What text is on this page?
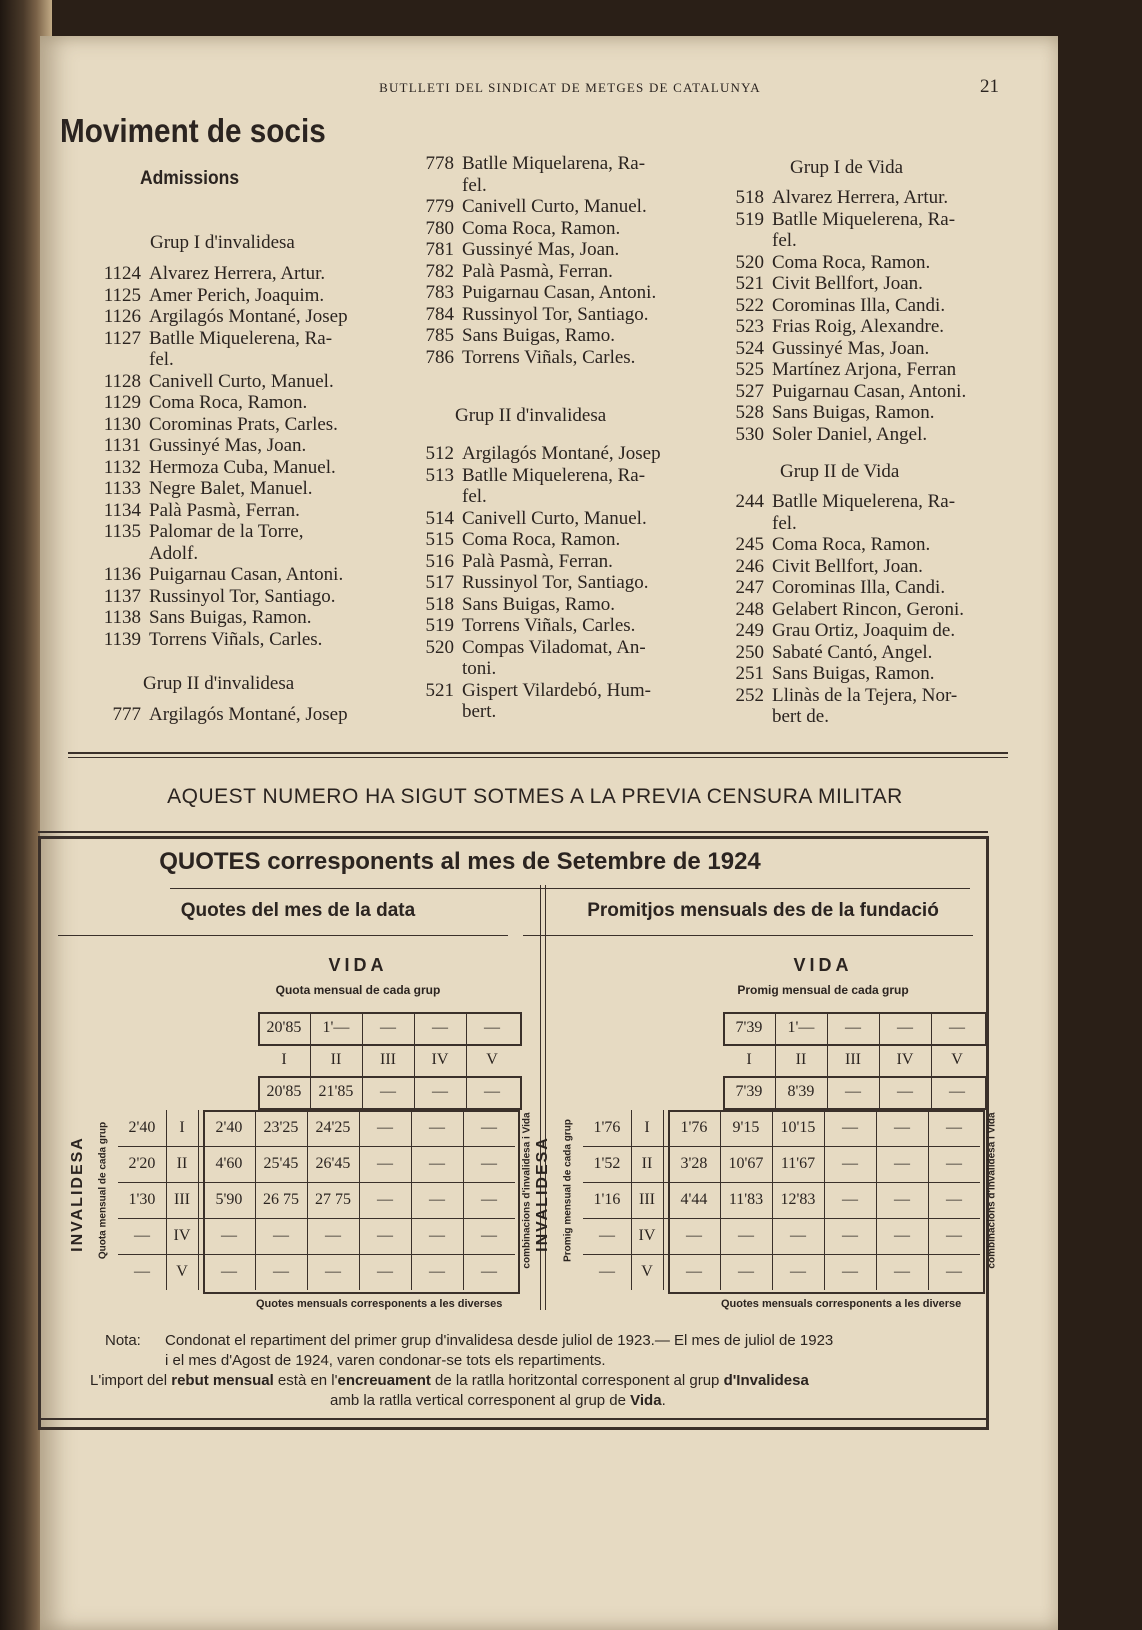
BUTLLETI DEL SINDICAT DE METGES DE CATALUNYA	21
Moviment de socis
Admissions
Grup I d'invalidesa
1124 Alvarez Herrera, Artur.
1125 Amer Perich, Joaquim.
1126 Argilagós Montané, Josep
1127 Batlle Miquelerena, Ra-
fel.
1128 Canivell Curto, Manuel.
1129 Coma Roca, Ramon.
1130 Corominas Prats, Carles.
1131 Gussinyé Mas, Joan.
1132 Hermoza Cuba, Manuel.
1133 Negre Balet, Manuel.
1134 Palà Pasmà, Ferran.
1135 Palomar de la Torre,
Adolf.
1136 Puigarnau Casan, Antoni.
1137 Russinyol Tor, Santiago.
1138 Sans Buigas, Ramon.
1139 Torrens Viñals, Carles.
Grup II d'invalidesa
777 Argilagós Montané, Josep
778 Batlle Miquelarena, Ra-
fel.
779 Canivell Curto, Manuel.
780 Coma Roca, Ramon.
781 Gussinyé Mas, Joan.
782 Palà Pasmà, Ferran.
783 Puigarnau Casan, Antoni.
784 Russinyol Tor, Santiago.
785 Sans Buigas, Ramo.
786 Torrens Viñals, Carles.
Grup II d'invalidesa
512 Argilagós Montané, Josep
513 Batlle Miquelerena, Ra-
fel.
514 Canivell Curto, Manuel.
515 Coma Roca, Ramon.
516 Palà Pasmà, Ferran.
517 Russinyol Tor, Santiago.
518 Sans Buigas, Ramo.
519 Torrens Viñals, Carles.
520 Compas Viladomat, An-
toni.
521 Gispert Vilardebó, Hum-
bert.
Grup I de Vida
518 Alvarez Herrera, Artur.
519 Batlle Miquelerena, Ra-
fel.
520 Coma Roca, Ramon.
521 Civit Bellfort, Joan.
522 Corominas Illa, Candi.
523 Frias Roig, Alexandre.
524 Gussinyé Mas, Joan.
525 Martínez Arjona, Ferran
527 Puigarnau Casan, Antoni.
528 Sans Buigas, Ramon.
530 Soler Daniel, Angel.
Grup II de Vida
244 Batlle Miquelerena, Ra-
fel.
245 Coma Roca, Ramon.
246 Civit Bellfort, Joan.
247 Corominas Illa, Candi.
248 Gelabert Rincon, Geroni.
249 Grau Ortiz, Joaquim de.
250 Sabaté Cantó, Angel.
251 Sans Buigas, Ramon.
252 Llinàs de la Tejera, Nor-
bert de.
AQUEST NUMERO HA SIGUT SOTMES A LA PREVIA CENSURA MILITAR
QUOTES corresponents al mes de Setembre de 1924
Quotes del mes de la data
VIDA
Quota mensual de cada grup
20'85	1'—	—	—	—
I	II	III	IV	V
20'85	21'85	—	—	—
2'40	I	2'40	23'25	24'25	—	—	—
2'20	II	4'60	25'45	26'45	—	—	—
1'30	III	5'90	26 75	27 75	—	—	—
—	IV	—	—	—	—	—	—
—	V	—	—	—	—	—	—
INVALIDESA Quota mensual de cada grup	combinacions d'invalidesa i Vida
Quotes mensuals corresponents a les diverses
Promitjos mensuals des de la fundació
VIDA
Promig mensual de cada grup
7'39	1'—	—	—	—
I	II	III	IV	V
7'39	8'39	—	—	—
1'76	I	1'76	9'15	10'15	—	—	—
1'52	II	3'28	10'67	11'67	—	—	—
1'16	III	4'44	11'83	12'83	—	—	—
—	IV	—	—	—	—	—	—
—	V	—	—	—	—	—	—
INVALIDESA Promig mensual de cada grup	combinacions d'invalidesa i Vida
Quotes mensuals corresponents a les diverse
Nota: Condonat el repartiment del primer grup d'invalidesa desde juliol de 1923.— El mes de juliol de 1923
i el mes d'Agost de 1924, varen condonar-se tots els repartiments.
L'import del rebut mensual està en l'encreuament de la ratlla horitzontal corresponent al grup d'Invalidesa
amb la ratlla vertical corresponent al grup de Vida.
